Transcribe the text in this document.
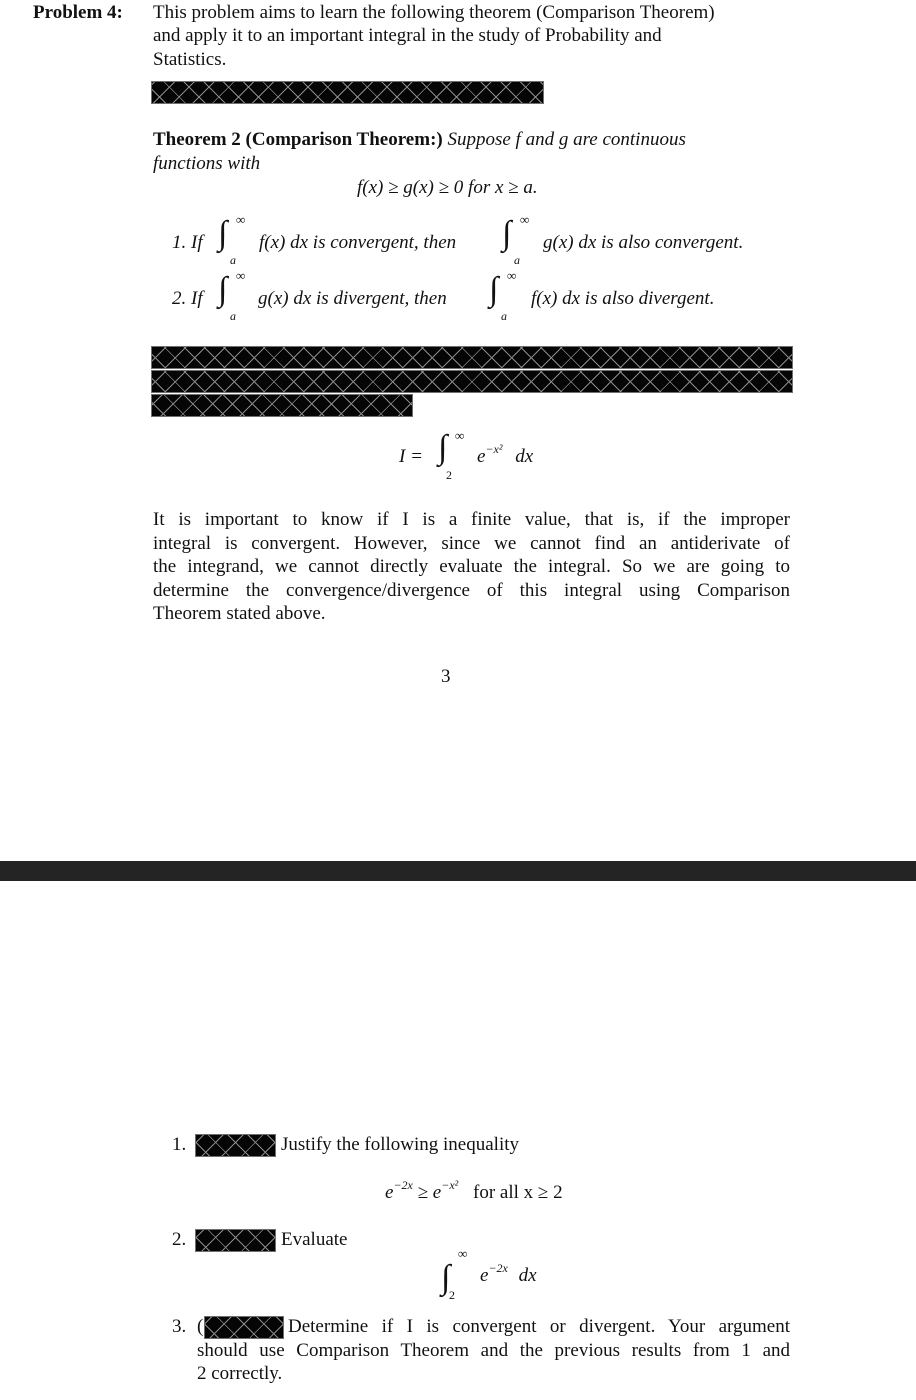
Problem 4: This problem aims to learn the following theorem (Comparison Theorem)
and apply it to an important integral in the study of Probability and
Statistics.
Theorem 2 (Comparison Theorem:) Suppose f and g are continuous
functions with
f(x) ≥ g(x) ≥ 0 for x ≥ a.
1. If ∫ ∞
a
f(x) dx is convergent, then ∫ ∞
a
g(x) dx is also convergent.
2. If ∫ ∞
a
g(x) dx is divergent, then ∫ ∞
a
f(x) dx is also divergent.
I = ∫ ∞
2
$e^{-x^2}$ dx
It is important to know if I is a finite value, that is, if the improper
integral is convergent. However, since we cannot find an antiderivate of
the integrand, we cannot directly evaluate the integral. So we are going to
determine the convergence/divergence of this integral using Comparison
Theorem stated above.
3
1.	Justify the following inequality
$e^{-2x} \ge e^{-x^2}$ for all x ≥ 2
2.	Evaluate
∫
∞
2
$e^{-2x}$ dx
3. (	Determine if I is convergent or divergent. Your argument
should use Comparison Theorem and the previous results from 1 and
2 correctly.
